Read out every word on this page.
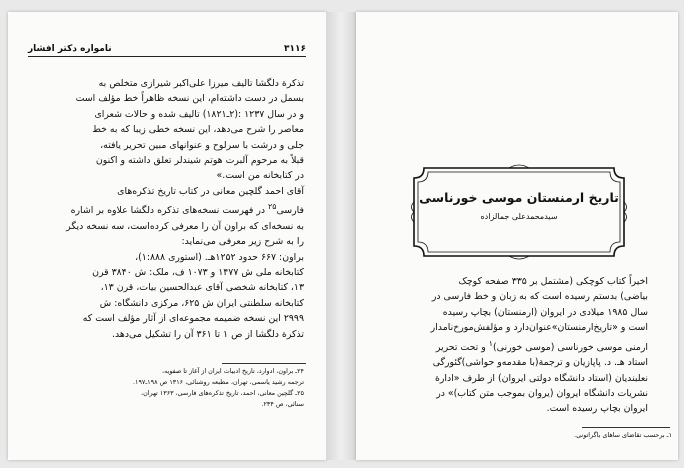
نامواره دکتر افشار	۳۱۱۶

تذکرة دلگشا تالیف میرزا علی‌اکبر شیرازی متخلص به

بسمل در دست داشته‌ام، این نسخه ظاهراً خط مؤلف است

و در سال ۱۲۳۷ :(۲ـ۱۸۲۱) تالیف شده و حالات شعرای

معاصر را شرح می‌دهد، این نسخه خطی زیبا که به خط

جلی و درشت با سرلوح و عنوانهای مبین تحریر یافته،

قبلاً به مرحوم آلبرت هوتم شیندلر تعلق داشته و اکنون

در کتابخانه من است.»

آقای احمد گلچین معانی در کتاب تاریخ تذکره‌های

فارسی$^{۲۵}$ در فهرست نسخه‌های تذکره دلگشا علاوه بر اشاره

به نسخه‌ای که براون آن را معرفی کرده‌است، سه نسخه دیگر

را به شرح زیر معرفی می‌نماید:

براون: ۶۶۷ حدود ۱۲۵۲هـ. (استوری ۱:۸۸۸)،

کتابخانه ملی ش ۱۴۷۷ و ۱۰۷۳ ف، ملک: ش ۳۸۴۰ قرن

۱۳، کتابخانه شخصی آقای عبدالحسین بیات، قرن ۱۳،

کتابخانه سلطنتی ایران ش ۶۲۵، مرکزی دانشگاه: ش

۲۹۹۹ این نسخه ضمیمه مجموعه‌ای از آثار مؤلف است که

تذکرة دلگشا از ص ۱ تا ۳۶۱ آن را تشکیل می‌دهد.

۲۴ـ براون، ادوارد، تاریخ ادبیات ایران از آغاز تا صفویه،
ترجمه رشید یاسمی، تهران، مطبعه روشنائی، ۱۳۱۶ ص ۱۹۸ـ۱۹۷.
۲۵ـ گلچین معانی، احمد، تاریخ تذکره‌های فارسی، ۱۳۶۳ تهران،
سنائی، ص ۲۳۴.
تاریخ ارمنستان موسی خورناسی
سیدمحمدعلی جمالزاده

اخیراً کتاب کوچکی (مشتمل بر ۳۳۵ صفحه کوچک

بیاضی) بدستم رسیده است که به زبان و خط فارسی در

سال ۱۹۸۵ میلادی در ایروان (ارمنستان) بچاپ رسیده

است و «تاریخ‌ارمنستان»عنوان‌دارد و مؤلفش‌مورخ‌نامدار

ارمنی موسی خورناسی (موسی خورنی)$^۱$ و تحت تحریر

استاد هـ. د. پاپازیان و ترجمة(با مقدمه‌و حواشی)گئورگی

نعلبندیان (استاد دانشگاه دولتی ایروان) از طرف «ادارة

نشریات دانشگاه ایروان (یروان بموجب متن کتاب)» در

ایروان بچاپ رسیده است.

۱ـ برحسب تقاضای ساهای باگراتونی.
